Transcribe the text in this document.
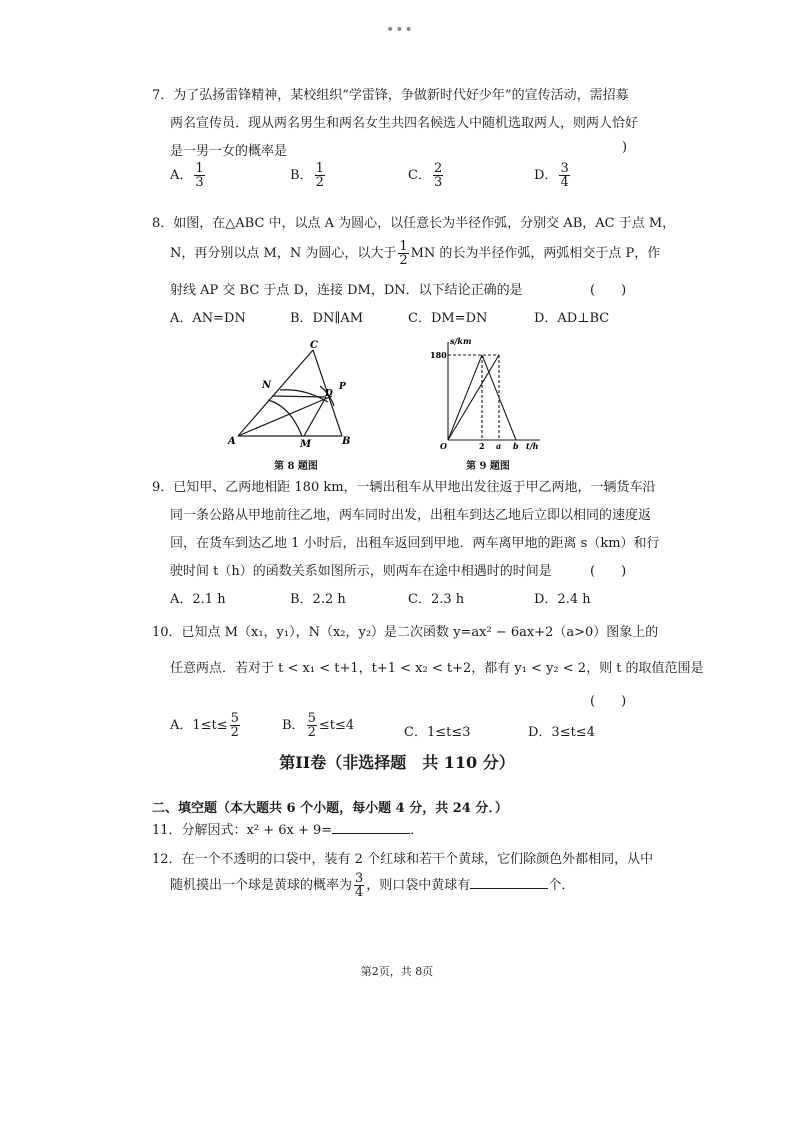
•••
7．为了弘扬雷锋精神，某校组织“学雷锋，争做新时代好少年”的宣传活动，需招募
两名宣传员．现从两名男生和两名女生共四名候选人中随机选取两人，则两人恰好
是一男一女的概率是	)
A． $\frac{1}{3}$	B． $\frac{1}{2}$	C． $\frac{2}{3}$	D． $\frac{3}{4}$
8．如图，在△ABC 中，以点 A 为圆心，以任意长为半径作弧，分别交 AB，AC 于点 M，
N，再分别以点 M，N 为圆心，以大于 $\frac{1}{2}$ MN 的长为半径作弧，两弧相交于点 P，作
射线 AP 交 BC 于点 D，连接 DM，DN．以下结论正确的是	(　　)
A．AN=DN	B．DN∥AM	C．DM=DN	D．AD⊥BC
C
N
D
P
A	M	B
第 8 题图
s/km
180
O	2 a b t/h
第 9 题图
9．已知甲、乙两地相距 180 km，一辆出租车从甲地出发往返于甲乙两地，一辆货车沿
同一条公路从甲地前往乙地，两车同时出发，出租车到达乙地后立即以相同的速度返
回，在货车到达乙地 1 小时后，出租车返回到甲地．两车离甲地的距离 s（km）和行
驶时间 t（h）的函数关系如图所示，则两车在途中相遇时的时间是	(　　)
A．2.1 h	B．2.2 h	C．2.3 h	D．2.4 h
10．已知点 M（x₁，y₁），N（x₂，y₂）是二次函数 y=ax² − 6ax+2（a>0）图象上的
任意两点．若对于 t < x₁ < t+1，t+1 < x₂ < t+2，都有 y₁ < y₂ < 2，则 t 的取值范围是
(　　)
A．$1\le t\le \frac{5}{2}$	B． $\frac{5}{2} \le t\le 4$	C．1≤t≤3	D．3≤t≤4
第II卷（非选择题　共 110 分）
二、填空题（本大题共 6 个小题，每小题 4 分，共 24 分．）
11．分解因式：x² + 6x + 9=	．
12．在一个不透明的口袋中，装有 2 个红球和若干个黄球，它们除颜色外都相同，从中
随机摸出一个球是黄球的概率为 $\frac{3}{4}$ ，则口袋中黄球有	个．
第2页，共 8页
